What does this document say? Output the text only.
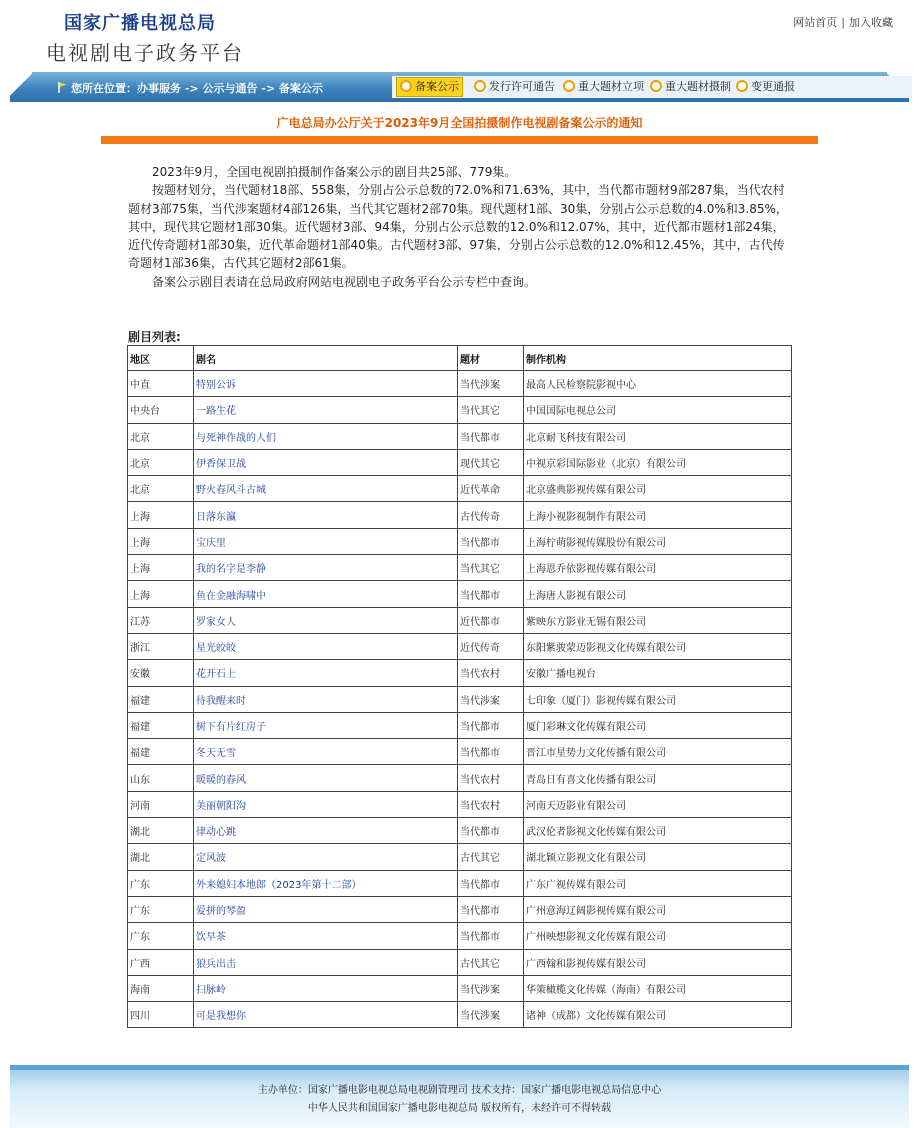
国家广播电视总局
电视剧电子政务平台
网站首页 | 加入收藏
您所在位置：办事服务 -> 公示与通告 -> 备案公示	备案公示	发行许可通告	重大题材立项	重大题材摄制	变更通报
广电总局办公厅关于2023年9月全国拍摄制作电视剧备案公示的通知

2023年9月，全国电视剧拍摄制作备案公示的剧目共25部、779集。

按题材划分，当代题材18部、558集，分别占公示总数的72.0%和71.63%，其中，当代都市题材9部287集，当代农村题材3部75集，当代涉案题材4部126集，当代其它题材2部70集。现代题材1部、30集，分别占公示总数的4.0%和3.85%，其中，现代其它题材1部30集。近代题材3部、94集，分别占公示总数的12.0%和12.07%，其中，近代都市题材1部24集，近代传奇题材1部30集，近代革命题材1部40集。古代题材3部、97集，分别占公示总数的12.0%和12.45%，其中，古代传奇题材1部36集，古代其它题材2部61集。

备案公示剧目表请在总局政府网站电视剧电子政务平台公示专栏中查询。

剧目列表:
地区	剧名	题材	制作机构
中直	特别公诉	当代涉案	最高人民检察院影视中心
中央台	一路生花	当代其它	中国国际电视总公司
北京	与死神作战的人们	当代都市	北京耐飞科技有限公司
北京	伊香保卫战	现代其它	中视京彩国际影业（北京）有限公司
北京	野火春风斗古城	近代革命	北京盛典影视传媒有限公司
上海	日落东瀛	古代传奇	上海小视影视制作有限公司
上海	宝庆里	当代都市	上海柠萌影视传媒股份有限公司
上海	我的名字是李静	当代其它	上海恩乔依影视传媒有限公司
上海	鱼在金融海啸中	当代都市	上海唐人影视有限公司
江苏	罗家女人	近代都市	紫映东方影业无锡有限公司
浙江	星光皎皎	近代传奇	东阳紫骏蒙迈影视文化传媒有限公司
安徽	花开石上	当代农村	安徽广播电视台
福建	待我醒来时	当代涉案	七印象（厦门）影视传媒有限公司
福建	树下有片红房子	当代都市	厦门彩琳文化传媒有限公司
福建	冬天无雪	当代都市	晋江市星势力文化传播有限公司
山东	暖暖的春风	当代农村	青岛日有喜文化传播有限公司
河南	美丽朝阳沟	当代农村	河南天迈影业有限公司
湖北	律动心跳	当代都市	武汉伦者影视文化传媒有限公司
湖北	定风波	古代其它	湖北颖立影视文化有限公司
广东	外来媳妇本地郎（2023年第十二部）	当代都市	广东广视传媒有限公司
广东	爱拼的琴盈	当代都市	广州意海辽阔影视传媒有限公司
广东	饮早茶	当代都市	广州映想影视文化传媒有限公司
广西	狼兵出击	古代其它	广西翰和影视传媒有限公司
海南	扫脉岭	当代涉案	华策橄榄文化传媒（海南）有限公司
四川	可是我想你	当代涉案	诸神（成都）文化传媒有限公司
主办单位：国家广播电影电视总局电视剧管理司 技术支持：国家广播电影电视总局信息中心
中华人民共和国国家广播电影电视总局 版权所有，未经许可不得转载
